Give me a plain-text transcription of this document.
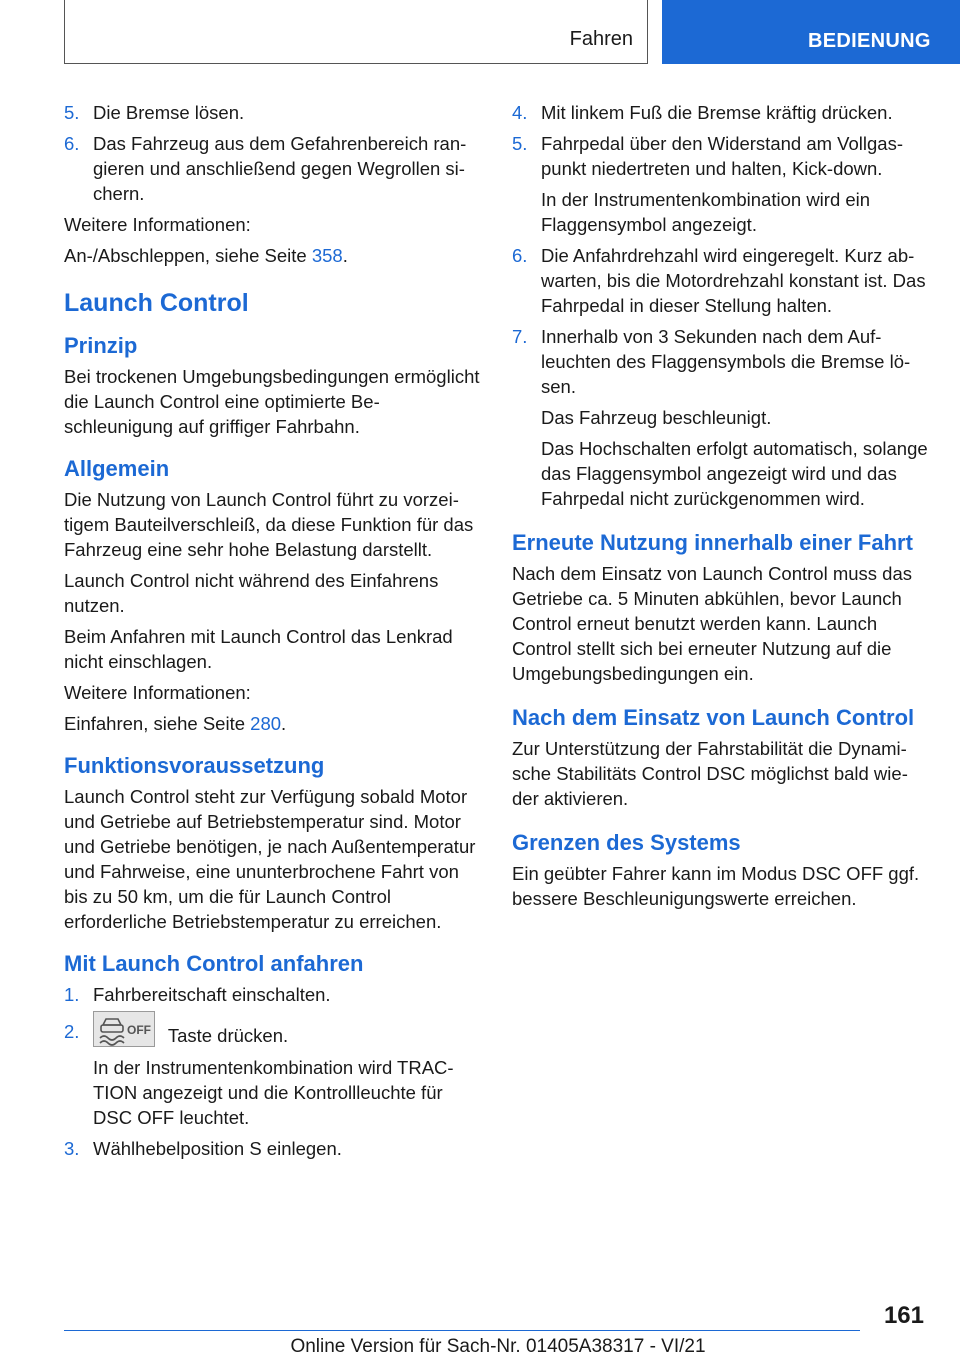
Fahren	BEDIENUNG
5. Die Bremse lösen.
6. Das Fahrzeug aus dem Gefahrenbereich rangieren und anschließend gegen Wegrollen sichern.

Weitere Informationen:

An-/Abschleppen, siehe Seite 358.

Launch Control
Prinzip

Bei trockenen Umgebungsbedingungen ermöglicht die Launch Control eine optimierte Beschleunigung auf griffiger Fahrbahn.

Allgemein

Die Nutzung von Launch Control führt zu vorzeitigem Bauteilverschleiß, da diese Funktion für das Fahrzeug eine sehr hohe Belastung darstellt.

Launch Control nicht während des Einfahrens nutzen.

Beim Anfahren mit Launch Control das Lenkrad nicht einschlagen.

Weitere Informationen:

Einfahren, siehe Seite 280.

Funktionsvoraussetzung

Launch Control steht zur Verfügung sobald Motor und Getriebe auf Betriebstemperatur sind. Motor und Getriebe benötigen, je nach Außentemperatur und Fahrweise, eine ununterbrochene Fahrt von bis zu 50 km, um die für Launch Control erforderliche Betriebstemperatur zu erreichen.

Mit Launch Control anfahren
1. Fahrbereitschaft einschalten.
2.	OFF Taste drücken.

In der Instrumentenkombination wird TRACTION angezeigt und die Kontrollleuchte für DSC OFF leuchtet.

3. Wählhebelposition S einlegen.
4. Mit linkem Fuß die Bremse kräftig drücken.
5. Fahrpedal über den Widerstand am Vollgaspunkt niedertreten und halten, Kick-down.

In der Instrumentenkombination wird ein Flaggensymbol angezeigt.

6. Die Anfahrdrehzahl wird eingeregelt. Kurz abwarten, bis die Motordrehzahl konstant ist. Das Fahrpedal in dieser Stellung halten.
7. Innerhalb von 3 Sekunden nach dem Aufleuchten des Flaggensymbols die Bremse lösen.

Das Fahrzeug beschleunigt.

Das Hochschalten erfolgt automatisch, solange das Flaggensymbol angezeigt wird und das Fahrpedal nicht zurückgenommen wird.

Erneute Nutzung innerhalb einer Fahrt

Nach dem Einsatz von Launch Control muss das Getriebe ca. 5 Minuten abkühlen, bevor Launch Control erneut benutzt werden kann. Launch Control stellt sich bei erneuter Nutzung auf die Umgebungsbedingungen ein.

Nach dem Einsatz von Launch Control

Zur Unterstützung der Fahrstabilität die Dynamische Stabilitäts Control DSC möglichst bald wieder aktivieren.

Grenzen des Systems

Ein geübter Fahrer kann im Modus DSC OFF ggf. bessere Beschleunigungswerte erreichen.

161
Online Version für Sach-Nr. 01405A38317 - VI/21
